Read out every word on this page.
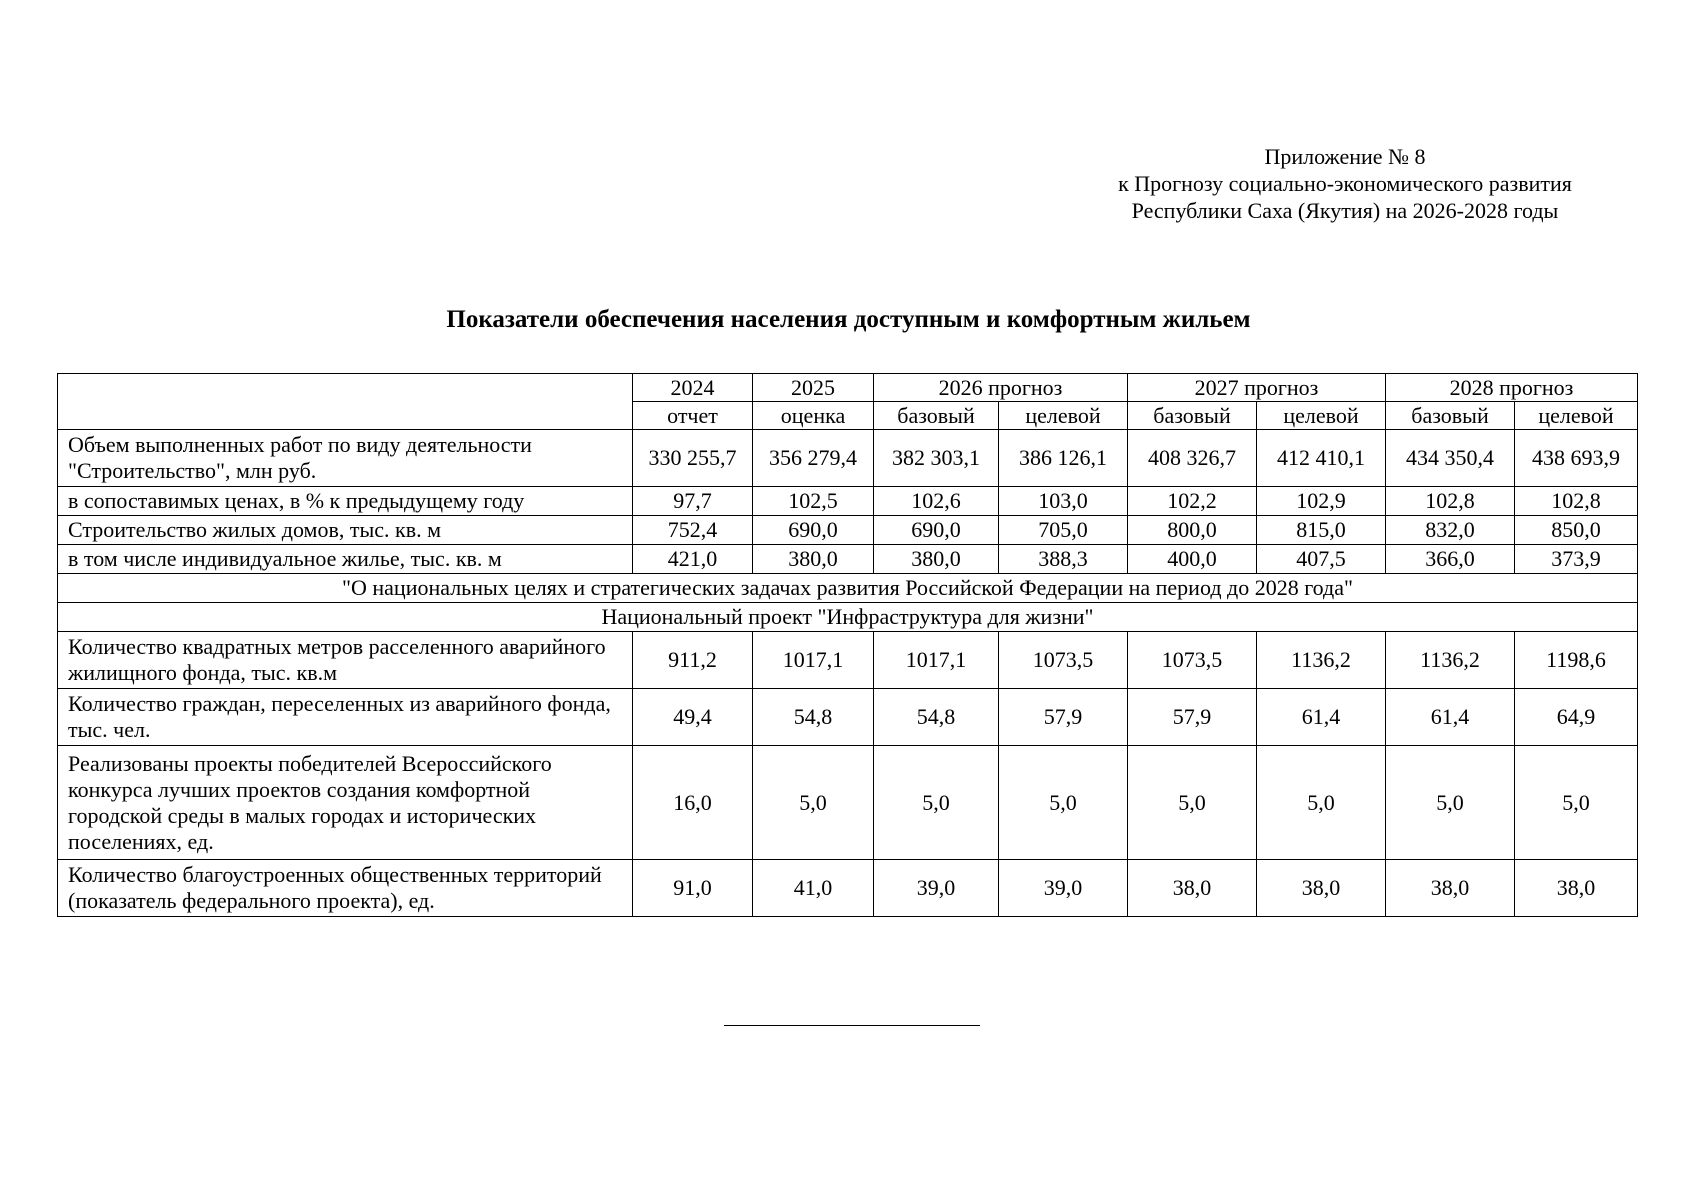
Приложение № 8
к Прогнозу социально-экономического развития
Республики Саха (Якутия) на 2026-2028 годы
Показатели обеспечения населения доступным и комфортным жильем
	2024	2025	2026 прогноз		2027 прогноз		2028 прогноз	
	отчет	оценка	базовый	целевой	базовый	целевой	базовый	целевой
Объем выполненных работ по виду деятельности "Строительство", млн руб.	330 255,7	356 279,4	382 303,1	386 126,1	408 326,7	412 410,1	434 350,4	438 693,9
в сопоставимых ценах, в % к предыдущему году	97,7	102,5	102,6	103,0	102,2	102,9	102,8	102,8
Строительство жилых домов, тыс. кв. м	752,4	690,0	690,0	705,0	800,0	815,0	832,0	850,0
в том числе индивидуальное жилье, тыс. кв. м	421,0	380,0	380,0	388,3	400,0	407,5	366,0	373,9
"О национальных целях и стратегических задачах развития Российской Федерации на период до 2028 года"								
Национальный проект "Инфраструктура для жизни"								
Количество квадратных метров расселенного аварийного жилищного фонда, тыс. кв.м	911,2	1017,1	1017,1	1073,5	1073,5	1136,2	1136,2	1198,6
Количество граждан, переселенных из аварийного фонда, тыс. чел.	49,4	54,8	54,8	57,9	57,9	61,4	61,4	64,9
Реализованы проекты победителей Всероссийского конкурса лучших проектов создания комфортной городской среды в малых городах и исторических поселениях, ед.	16,0	5,0	5,0	5,0	5,0	5,0	5,0	5,0
Количество благоустроенных общественных территорий (показатель федерального проекта), ед.	91,0	41,0	39,0	39,0	38,0	38,0	38,0	38,0
